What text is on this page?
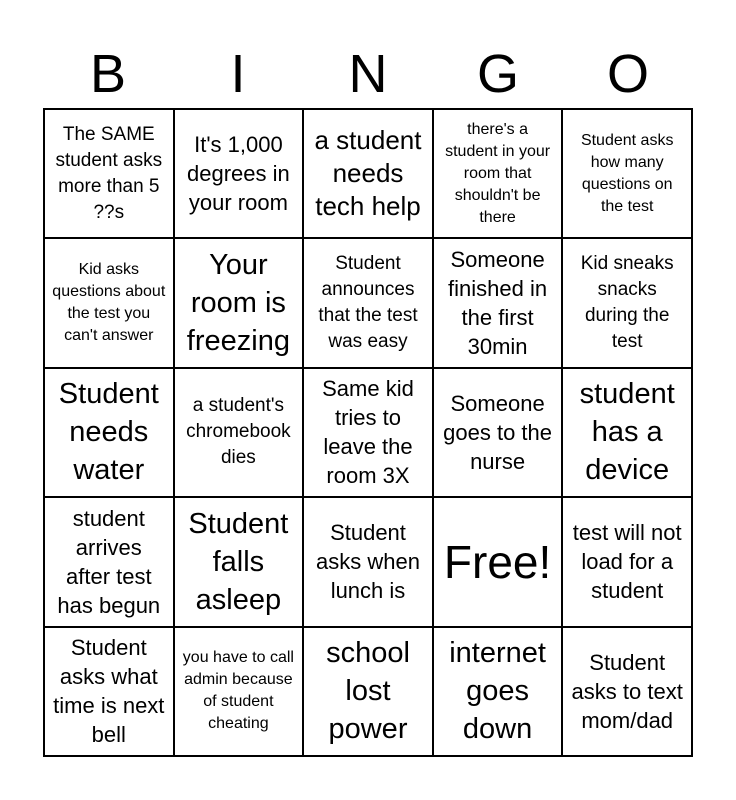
B	I	N	G	O
The SAME student asks more than 5 ??s
It's 1,000 degrees in your room
a student needs tech help
there's a student in your room that shouldn't be there
Student asks how many questions on the test
Kid asks questions about the test you can't answer
Your room is freezing
Student announces that the test was easy
Someone finished in the first 30min
Kid sneaks snacks during the test
Student needs water
a student's chromebook dies
Same kid tries to leave the room 3X
Someone goes to the nurse
student has a device
student arrives after test has begun
Student falls asleep
Student asks when lunch is
Free!
test will not load for a student
Student asks what time is next bell
you have to call admin because of student cheating
school lost power
internet goes down
Student asks to text mom/dad
